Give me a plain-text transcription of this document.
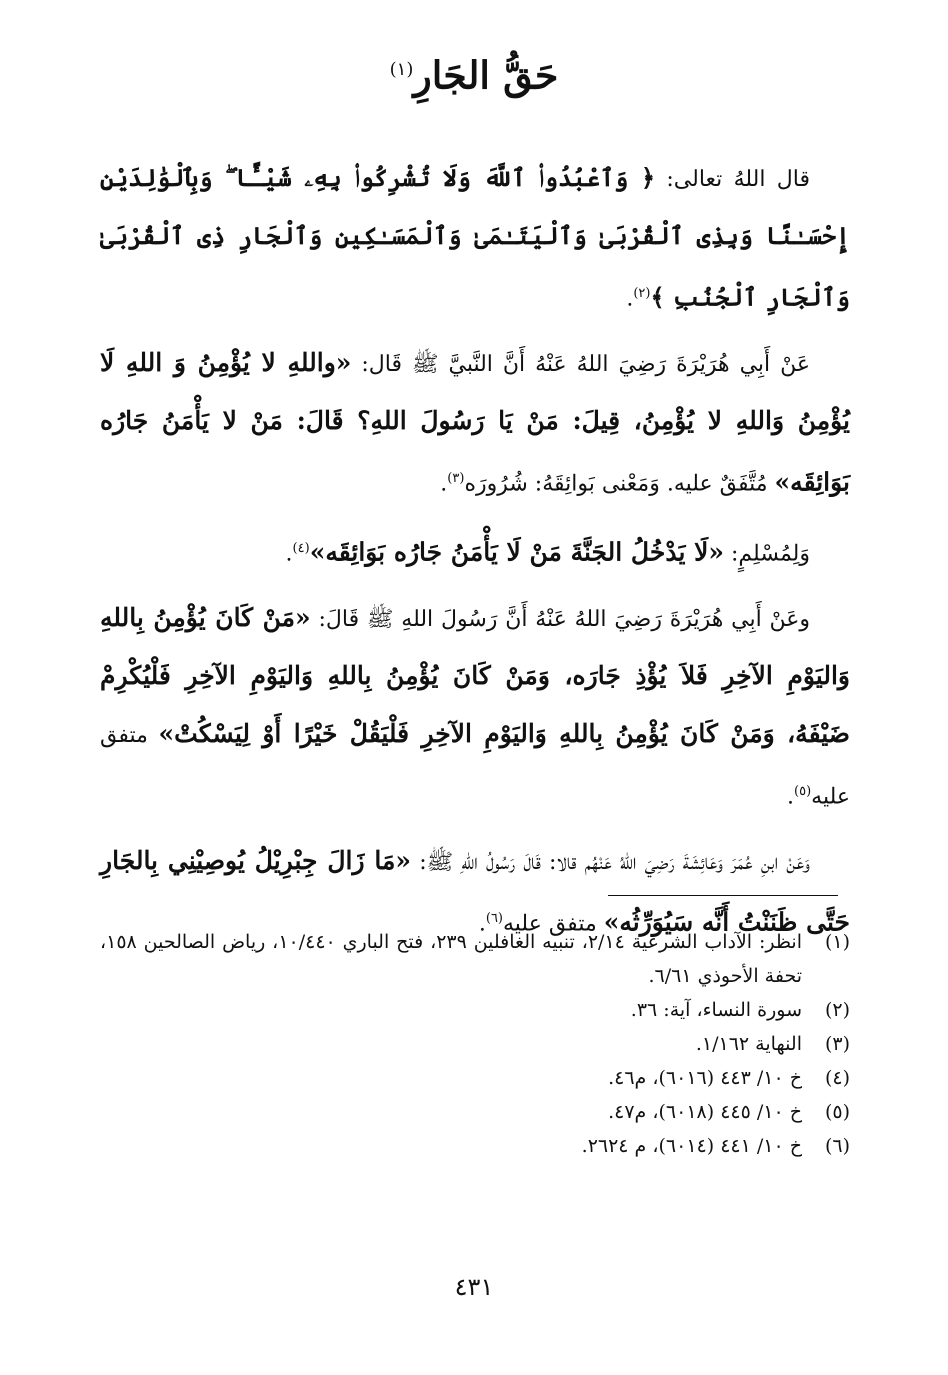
حَقُّ الجَارِ$^{(١)}$

قال اللهُ تعالى: ﴿ وَٱعْبُدُوا۟ ٱللَّهَ وَلَا تُشْرِكُوا۟ بِهِۦ شَيْـًٔا ۖ وَبِٱلْوَٰلِدَيْنِ إِحْسَـٰنًا وَبِذِى ٱلْقُرْبَىٰ وَٱلْيَتَـٰمَىٰ وَٱلْمَسَـٰكِينِ وَٱلْجَارِ ذِى ٱلْقُرْبَىٰ وَٱلْجَارِ ٱلْجُنُبِ ﴾$^{(٢)}$.

عَنْ أَبِي هُرَيْرَةَ رَضِيَ اللهُ عَنْهُ أَنَّ النَّبيَّ ﷺ قَال: «واللهِ لا يُؤْمِنُ وَ اللهِ لَا يُؤْمِنُ وَاللهِ لا يُؤْمِنُ، قِيلَ: مَنْ يَا رَسُولَ اللهِ؟ قَالَ: مَنْ لا يَأْمَنُ جَارُه بَوَائِقَه» مُتَّفَقٌ عليه. وَمَعْنى بَوائِقَهُ: شُرُورَه$^{(٣)}$.

وَلِمُسْلِمٍ: «لَا يَدْخُلُ الجَنَّةَ مَنْ لَا يَأْمَنُ جَارُه بَوَائِقَه»$^{(٤)}$.

وعَنْ أَبِي هُرَيْرَةَ رَضِيَ اللهُ عَنْهُ أَنَّ رَسُولَ اللهِ ﷺ قَالَ: «مَنْ كَانَ يُؤْمِنُ بِاللهِ وَاليَوْمِ الآخِرِ فَلاَ يُؤْذِ جَارَه، وَمَنْ كَانَ يُؤْمِنُ بِاللهِ وَاليَوْمِ الآخِرِ فَلْيُكْرِمْ ضَيْفَهُ، وَمَنْ كَانَ يُؤْمِنُ بِاللهِ وَاليَوْمِ الآخِرِ فَلْيَقُلْ خَيْرًا أَوْ لِيَسْكُتْ» متفق عليه$^{(٥)}$.

وَعَنْ ابنِ عُمَرَ وَعَائِشَةَ رَضِيَ اللهُ عَنْهُم قالا: قَالَ رَسُولُ اللهِ ﷺ: «مَا زَالَ جِبْرِيْلُ يُوصِيْنِي بِالجَارِ حَتَّى ظَنَنْتُ أَنَّه سَيُوَرِّثُه» متفق عليه$^{(٦)}$.

(١)
انظر: الآداب الشرعية ٢/١٤، تنبيه الغافلين ٢٣٩، فتح الباري ١٠/٤٤٠، رياض الصالحين ١٥٨، تحفة الأحوذي ٦/٦١.
(٢)
سورة النساء، آية: ٣٦.
(٣)
النهاية ١/١٦٢.
(٤)
خ ١٠/ ٤٤٣ (٦٠١٦)، م٤٦.
(٥)
خ ١٠/ ٤٤٥ (٦٠١٨)، م٤٧.
(٦)
خ ١٠/ ٤٤١ (٦٠١٤)، م ٢٦٢٤.
٤٣١
